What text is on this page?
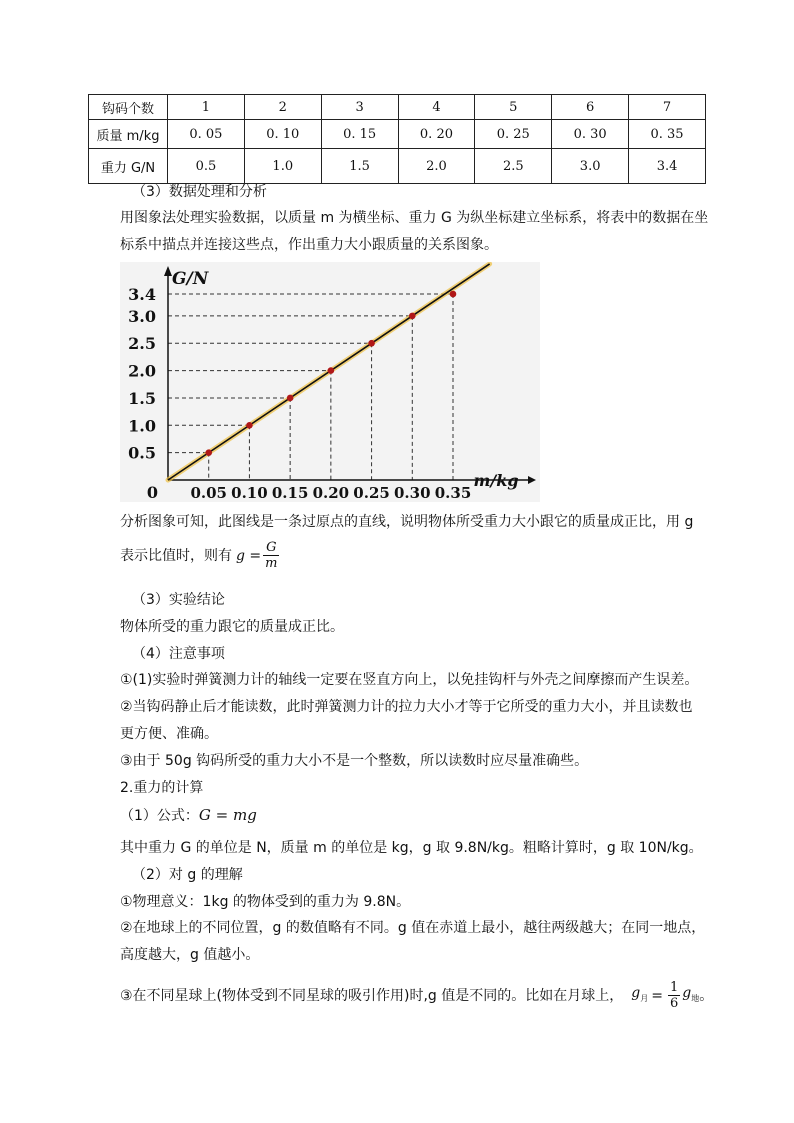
钩码个数	1	2	3	4	5	6	7
质量 m/kg	0. 05	0. 10	0. 15	0. 20	0. 25	0. 30	0. 35
重力 G/N	0.5	1.0	1.5	2.0	2.5	3.0	3.4
（3）数据处理和分析
用图象法处理实验数据，以质量 m 为横坐标、重力 G 为纵坐标建立坐标系，将表中的数据在坐
标系中描点并连接这些点，作出重力大小跟质量的关系图象。
0.5
1.0
1.5
2.0
2.5
3.0
3.4
0.05 0.10 0.15 0.20 0.25 0.30 0.35
0
G/N
m/kg
分析图象可知，此图线是一条过原点的直线，说明物体所受重力大小跟它的质量成正比，用 g
表示比值时，则有 $g = \frac{G}{m}$
（3）实验结论
物体所受的重力跟它的质量成正比。
（4）注意事项
①(1)实验时弹簧测力计的轴线一定要在竖直方向上，以免挂钩杆与外壳之间摩擦而产生误差。
②当钩码静止后才能读数，此时弹簧测力计的拉力大小才等于它所受的重力大小，并且读数也
更方便、准确。
③由于 50g 钩码所受的重力大小不是一个整数，所以读数时应尽量准确些。
2.重力的计算
（1）公式：G = mg
其中重力 G 的单位是 N，质量 m 的单位是 kg，g 取 9.8N/kg。粗略计算时，g 取 10N/kg。
（2）对 g 的理解
①物理意义：1kg 的物体受到的重力为 9.8N。
②在地球上的不同位置，g 的数值略有不同。g 值在赤道上最小，越往两级越大；在同一地点，
高度越大，g 值越小。
③在不同星球上(物体受到不同星球的吸引作用)时,g 值是不同的。比如在月球上， $g_月 = \frac{1}{6} g_地$ 。
